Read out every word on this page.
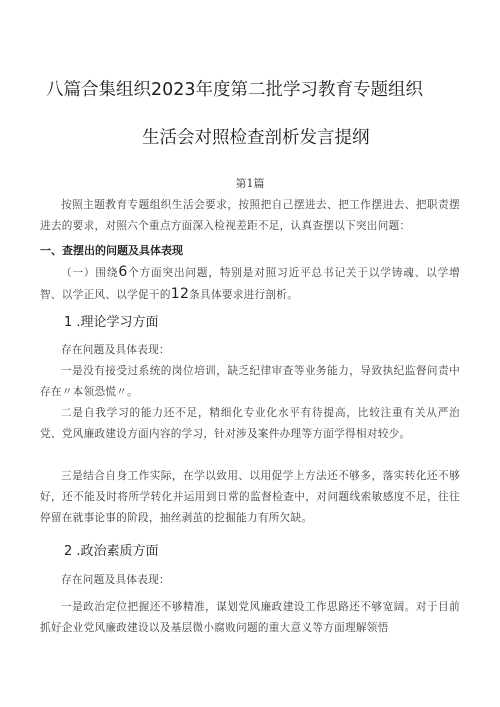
八篇合集组织2023年度第二批学习教育专题组织
生活会对照检查剖析发言提纲
第1篇
按照主题教育专题组织生活会要求，按照把自己摆进去、把工作摆进去、把职责摆进去的要求，对照六个重点方面深入检视差距不足，认真查摆以下突出问题：
一、查摆出的问题及具体表现
（一）围绕6个方面突出问题，特别是对照习近平总书记关于以学铸魂、以学增智、以学正风、以学促干的12条具体要求进行剖析。
1 .理论学习方面
存在问题及具体表现：
一是没有接受过系统的岗位培训，缺乏纪律审查等业务能力，导致执纪监督问责中存在〃本领恐慌〃。
二是自我学习的能力还不足，精细化专业化水平有待提高，比较注重有关从严治党、党风廉政建设方面内容的学习，针对涉及案件办理等方面学得相对较少。
三是结合自身工作实际，在学以致用、以用促学上方法还不够多，落实转化还不够好，还不能及时将所学转化并运用到日常的监督检查中，对问题线索敏感度不足，往往停留在就事论事的阶段，抽丝剥茧的挖掘能力有所欠缺。
2 .政治素质方面
存在问题及具体表现：
一是政治定位把握还不够精准，谋划党风廉政建设工作思路还不够宽阔。对于目前抓好企业党风廉政建设以及基层微小腐败问题的重大意义等方面理解领悟
